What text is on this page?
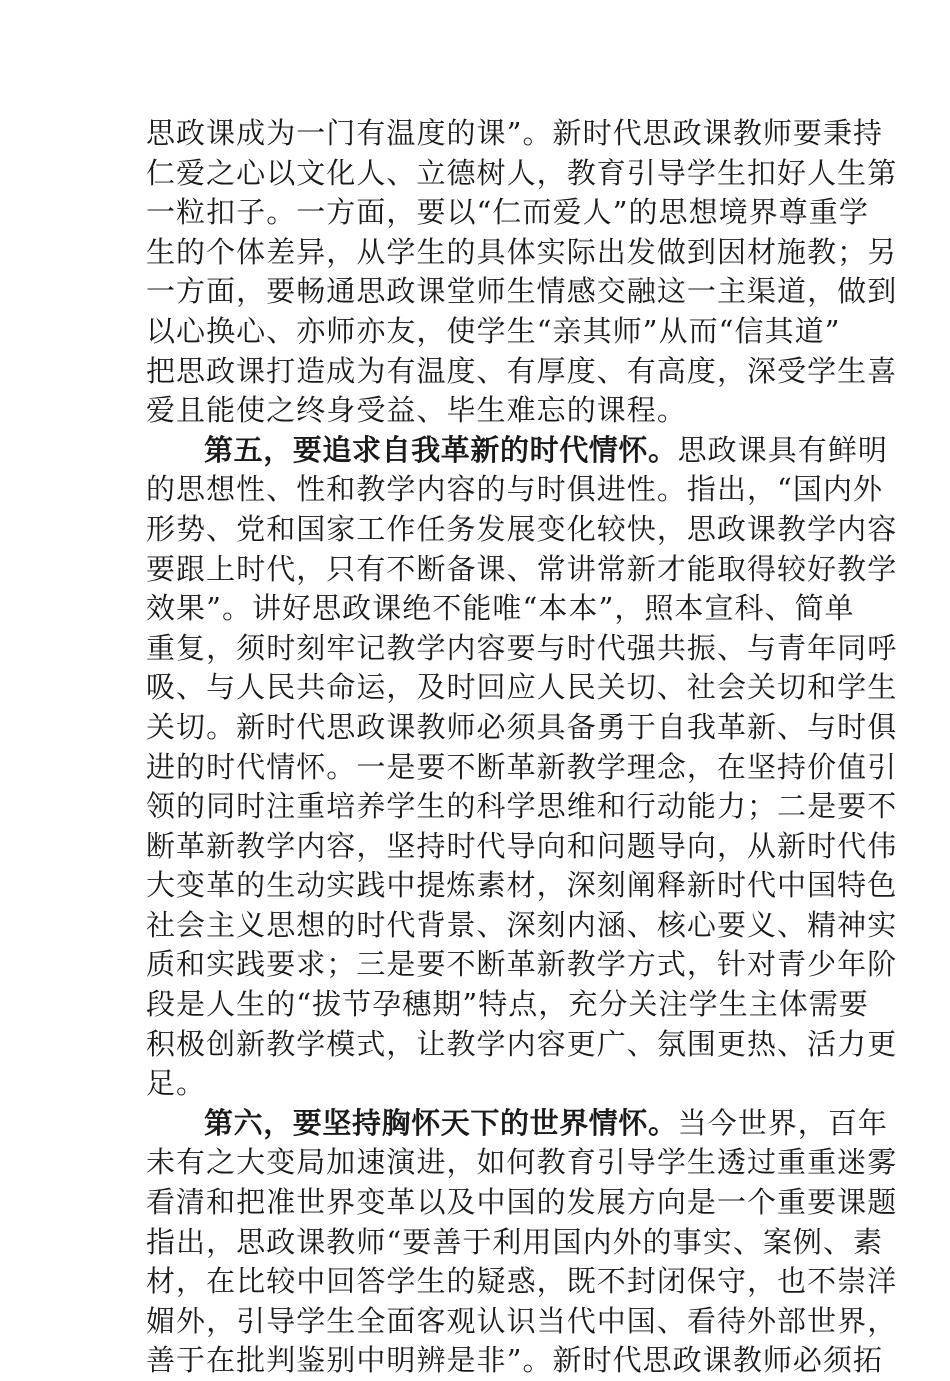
思政课成为一门有温度的课”。新时代思政课教师要秉持
仁爱之心以文化人、立德树人，教育引导学生扣好人生第
一粒扣子。一方面，要以“仁而爱人”的思想境界尊重学
生的个体差异，从学生的具体实际出发做到因材施教；另
一方面，要畅通思政课堂师生情感交融这一主渠道，做到
以心换心、亦师亦友，使学生“亲其师”从而“信其道”
把思政课打造成为有温度、有厚度、有高度，深受学生喜
爱且能使之终身受益、毕生难忘的课程。
第五，要追求自我革新的时代情怀。思政课具有鲜明
的思想性、性和教学内容的与时俱进性。指出，“国内外
形势、党和国家工作任务发展变化较快，思政课教学内容
要跟上时代，只有不断备课、常讲常新才能取得较好教学
效果”。讲好思政课绝不能唯“本本”，照本宣科、简单
重复，须时刻牢记教学内容要与时代强共振、与青年同呼
吸、与人民共命运，及时回应人民关切、社会关切和学生
关切。新时代思政课教师必须具备勇于自我革新、与时俱
进的时代情怀。一是要不断革新教学理念，在坚持价值引
领的同时注重培养学生的科学思维和行动能力；二是要不
断革新教学内容，坚持时代导向和问题导向，从新时代伟
大变革的生动实践中提炼素材，深刻阐释新时代中国特色
社会主义思想的时代背景、深刻内涵、核心要义、精神实
质和实践要求；三是要不断革新教学方式，针对青少年阶
段是人生的“拔节孕穗期”特点，充分关注学生主体需要
积极创新教学模式，让教学内容更广、氛围更热、活力更
足。
第六，要坚持胸怀天下的世界情怀。当今世界，百年
未有之大变局加速演进，如何教育引导学生透过重重迷雾
看清和把准世界变革以及中国的发展方向是一个重要课题
指出，思政课教师“要善于利用国内外的事实、案例、素
材，在比较中回答学生的疑惑，既不封闭保守，也不崇洋
媚外，引导学生全面客观认识当代中国、看待外部世界，
善于在批判鉴别中明辨是非”。新时代思政课教师必须拓
